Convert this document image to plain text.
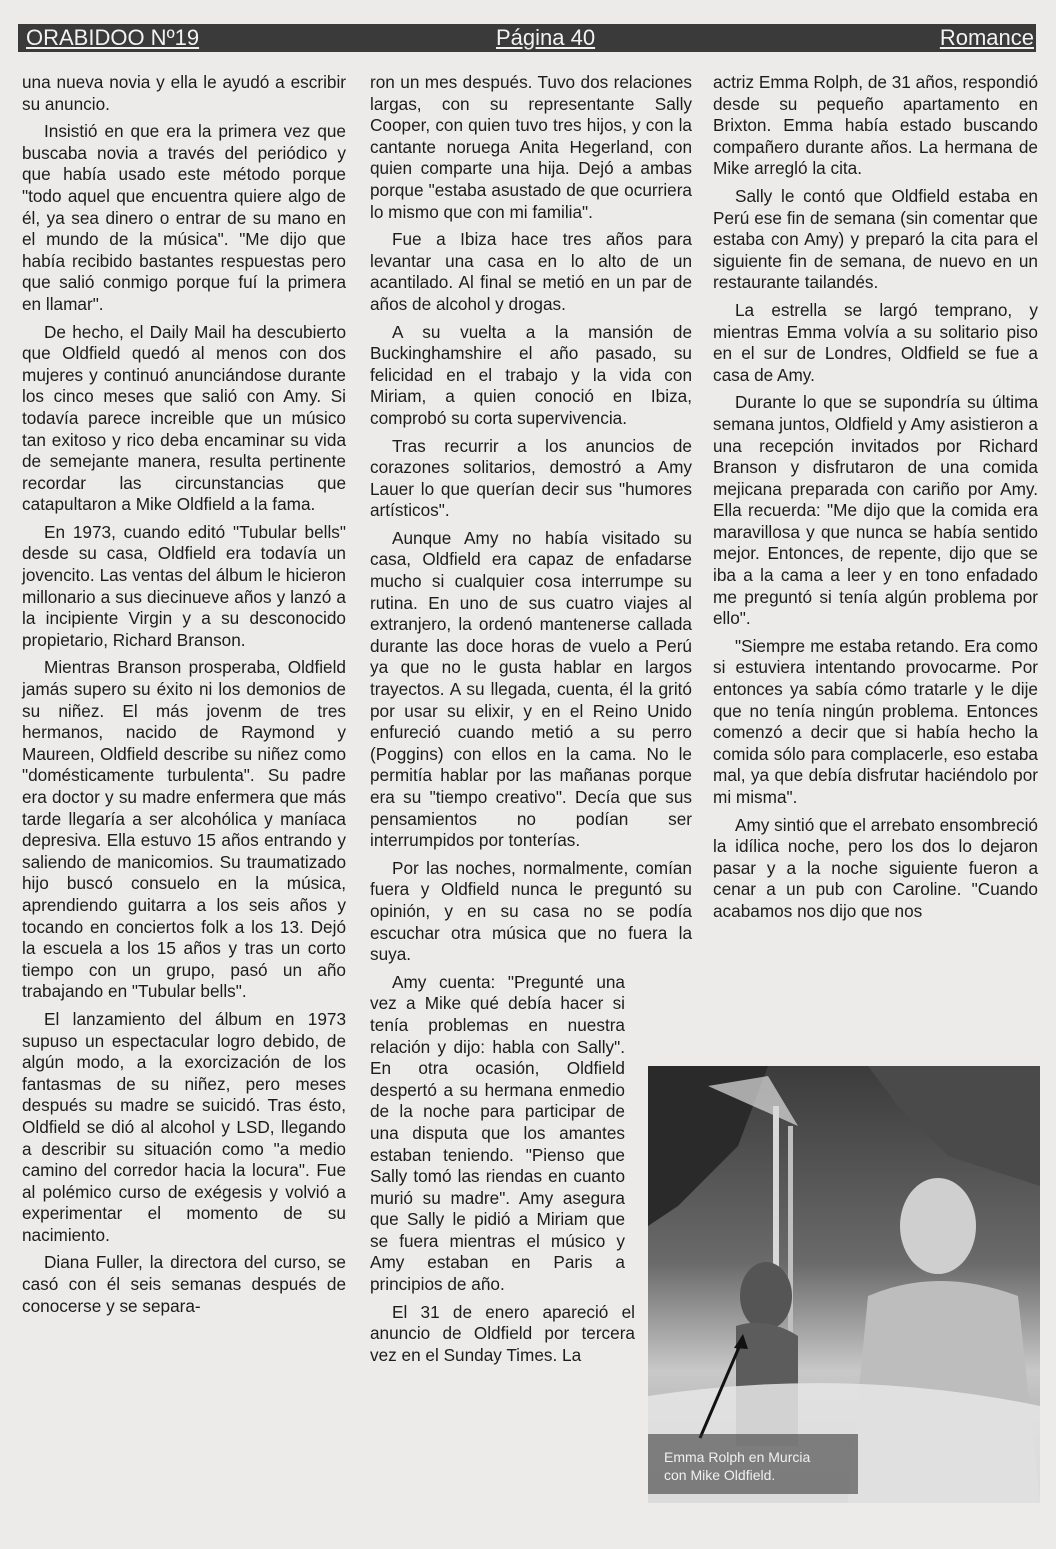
ORABIDOO Nº19	Página 40	Romance

una nueva novia y ella le ayudó a escribir su anuncio.

Insistió en que era la primera vez que buscaba novia a través del periódico y que había usado este método porque "todo aquel que encuentra quiere algo de él, ya sea dinero o entrar de su mano en el mundo de la música". "Me dijo que había recibido bastantes respuestas pero que salió conmigo porque fuí la primera en llamar".

De hecho, el Daily Mail ha descubierto que Oldfield quedó al menos con dos mujeres y continuó anunciándose durante los cinco meses que salió con Amy. Si todavía parece increible que un músico tan exitoso y rico deba encaminar su vida de semejante manera, resulta pertinente recordar las circunstancias que catapultaron a Mike Oldfield a la fama.

En 1973, cuando editó "Tubular bells" desde su casa, Oldfield era todavía un jovencito. Las ventas del álbum le hicieron millonario a sus diecinueve años y lanzó a la incipiente Virgin y a su desconocido propietario, Richard Branson.

Mientras Branson prosperaba, Oldfield jamás supero su éxito ni los demonios de su niñez. El más jovenm de tres hermanos, nacido de Raymond y Maureen, Oldfield describe su niñez como "domésticamente turbulenta". Su padre era doctor y su madre enfermera que más tarde llegaría a ser alcohólica y maníaca depresiva. Ella estuvo 15 años entrando y saliendo de manicomios. Su traumatizado hijo buscó consuelo en la música, aprendiendo guitarra a los seis años y tocando en conciertos folk a los 13. Dejó la escuela a los 15 años y tras un corto tiempo con un grupo, pasó un año trabajando en "Tubular bells".

El lanzamiento del álbum en 1973 supuso un espectacular logro debido, de algún modo, a la exorcización de los fantasmas de su niñez, pero meses después su madre se suicidó. Tras ésto, Oldfield se dió al alcohol y LSD, llegando a describir su situación como "a medio camino del corredor hacia la locura". Fue al polémico curso de exégesis y volvió a experimentar el momento de su nacimiento.

Diana Fuller, la directora del curso, se casó con él seis semanas después de conocerse y se separa-

ron un mes después. Tuvo dos relaciones largas, con su representante Sally Cooper, con quien tuvo tres hijos, y con la cantante noruega Anita Hegerland, con quien comparte una hija. Dejó a ambas porque "estaba asustado de que ocurriera lo mismo que con mi familia".

Fue a Ibiza hace tres años para levantar una casa en lo alto de un acantilado. Al final se metió en un par de años de alcohol y drogas.

A su vuelta a la mansión de Buckinghamshire el año pasado, su felicidad en el trabajo y la vida con Miriam, a quien conoció en Ibiza, comprobó su corta supervivencia.

Tras recurrir a los anuncios de corazones solitarios, demostró a Amy Lauer lo que querían decir sus "humores artísticos".

Aunque Amy no había visitado su casa, Oldfield era capaz de enfadarse mucho si cualquier cosa interrumpe su rutina. En uno de sus cuatro viajes al extranjero, la ordenó mantenerse callada durante las doce horas de vuelo a Perú ya que no le gusta hablar en largos trayectos. A su llegada, cuenta, él la gritó por usar su elixir, y en el Reino Unido enfureció cuando metió a su perro (Poggins) con ellos en la cama. No le permitía hablar por las mañanas porque era su "tiempo creativo". Decía que sus pensamientos no podían ser interrumpidos por tonterías.

Por las noches, normalmente, comían fuera y Oldfield nunca le preguntó su opinión, y en su casa no se podía escuchar otra música que no fuera la suya.

Amy cuenta: "Pregunté una vez a Mike qué debía hacer si tenía problemas en nuestra relación y dijo: habla con Sally". En otra ocasión, Oldfield despertó a su hermana enmedio de la noche para participar de una disputa que los amantes estaban teniendo. "Pienso que Sally tomó las riendas en cuanto murió su madre". Amy asegura que Sally le pidió a Miriam que se fuera mientras el músico y Amy estaban en Paris a principios de año.

El 31 de enero apareció el anuncio de Oldfield por tercera vez en el Sunday Times. La

actriz Emma Rolph, de 31 años, respondió desde su pequeño apartamento en Brixton. Emma había estado buscando compañero durante años. La hermana de Mike arregló la cita.

Sally le contó que Oldfield estaba en Perú ese fin de semana (sin comentar que estaba con Amy) y preparó la cita para el siguiente fin de semana, de nuevo en un restaurante tailandés.

La estrella se largó temprano, y mientras Emma volvía a su solitario piso en el sur de Londres, Oldfield se fue a casa de Amy.

Durante lo que se supondría su última semana juntos, Oldfield y Amy asistieron a una recepción invitados por Richard Branson y disfrutaron de una comida mejicana preparada con cariño por Amy. Ella recuerda: "Me dijo que la comida era maravillosa y que nunca se había sentido mejor. Entonces, de repente, dijo que se iba a la cama a leer y en tono enfadado me preguntó si tenía algún problema por ello".

"Siempre me estaba retando. Era como si estuviera intentando provocarme. Por entonces ya sabía cómo tratarle y le dije que no tenía ningún problema. Entonces comenzó a decir que si había hecho la comida sólo para complacerle, eso estaba mal, ya que debía disfrutar haciéndolo por mi misma".

Amy sintió que el arrebato ensombreció la idílica noche, pero los dos lo dejaron pasar y a la noche siguiente fueron a cenar a un pub con Caroline. "Cuando acabamos nos dijo que nos

Emma Rolph en Murcia
con Mike Oldfield.
